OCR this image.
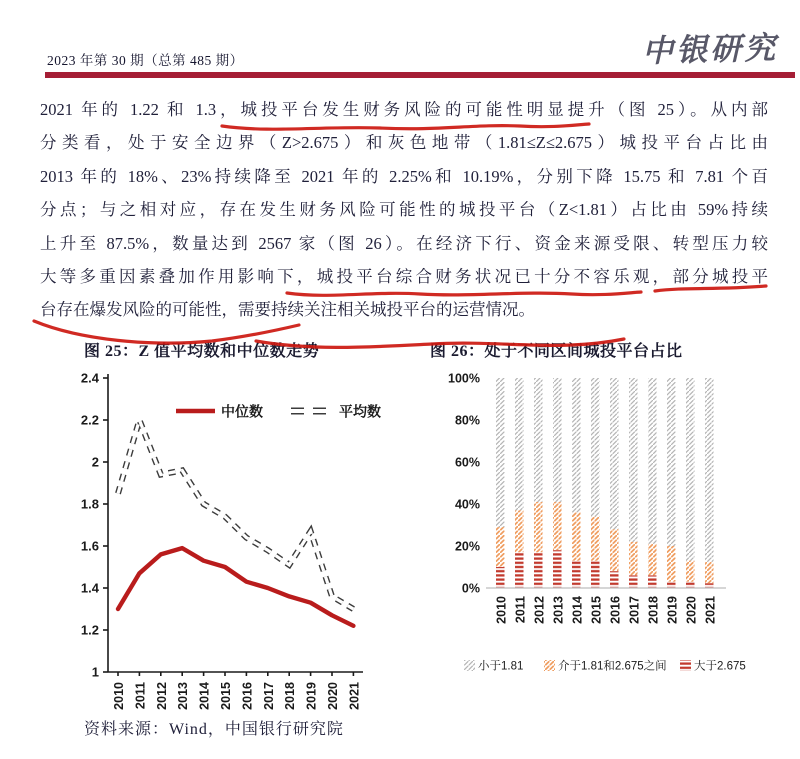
2023 年第 30 期（总第 485 期）	中银研究
2021 年的 1.22 和 1.3，城投平台发生财务风险的可能性明显提升（图 25）。从内部
分类看，处于安全边界（Z>2.675）和灰色地带（1.81≤Z≤2.675）城投平台占比由
2013 年的 18%、23%持续降至 2021 年的 2.25%和 10.19%，分别下降 15.75 和 7.81 个百
分点；与之相对应，存在发生财务风险可能性的城投平台（Z<1.81）占比由 59%持续
上升至 87.5%，数量达到 2567 家（图 26）。在经济下行、资金来源受限、转型压力较
大等多重因素叠加作用影响下，城投平台综合财务状况已十分不容乐观，部分城投平
台存在爆发风险的可能性，需要持续关注相关城投平台的运营情况。
图 25：Z 值平均数和中位数走势	图 26：处于不同区间城投平台占比
1
1.2
1.4
1.6
1.8
2
2.2
2.4
2010 2011 2012 2013 2014 2015 2016 2017 2018 2019 2020 2021
中位数	平均数
0%
20%
40%
60%
80%
100%
2010 2011 2012 2013 2014 2015 2016 2017 2018 2019 2020 2021
小于1.81	介于1.81和2.675之间 大于2.675
资料来源：Wind，中国银行研究院
